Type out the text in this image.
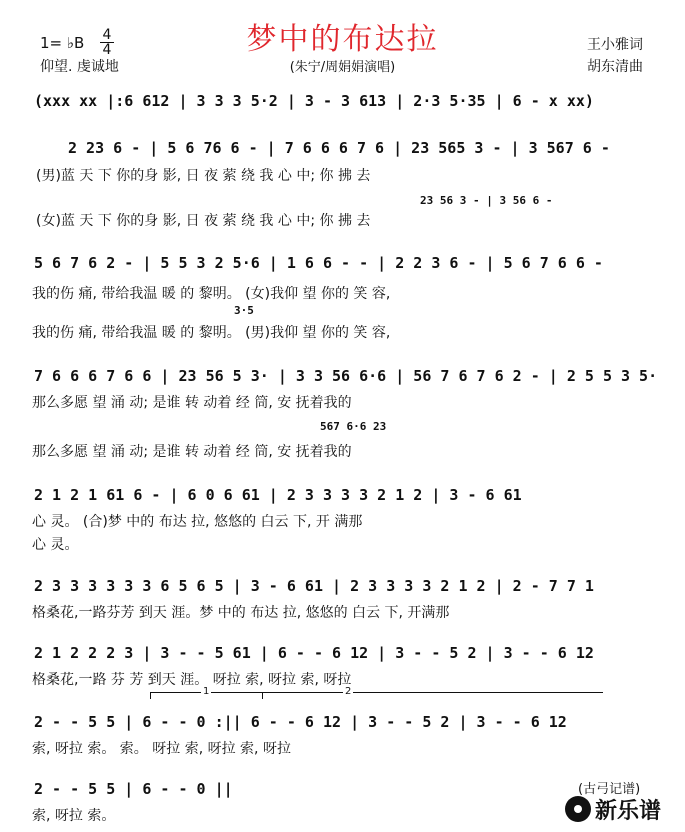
梦中的布达拉
1= ♭B 4
4
仰望. 虔诚地	(朱宁/周娟娟演唱)
王小雅词
胡东清曲
1	2
(xxx xx |:6 612 | 3 3 3 5·2 | 3 - 3 613 | 2·3 5·35 | 6 - x xx)
2 23 6 - | 5 6 76 6 - | 7 6 6 6 7 6 | 23 565 3 - | 3 567 6 -
(男)蓝 天 下 你的身 影, 日 夜 萦 绕 我 心 中; 你 拂 去
23 56 3 - | 3 56 6 -
(女)蓝 天 下 你的身 影, 日 夜 萦 绕 我 心 中; 你 拂 去
5 6 7 6 2 - | 5 5 3 2 5·6 | 1 6 6 - - | 2 2 3 6 - | 5 6 7 6 6 -
我的伤 痛, 带给我温 暖 的 黎明。 (女)我仰 望 你的 笑 容,
3·5
我的伤 痛, 带给我温 暖 的 黎明。 (男)我仰 望 你的 笑 容,
7 6 6 6 7 6 6 | 23 56 5 3· | 3 3 56 6·6 | 56 7 6 7 6 2 - | 2 5 5 3 5·
那么多愿 望 涌 动; 是谁 转 动着 经 筒, 安 抚着我的
567 6·6 23
那么多愿 望 涌 动; 是谁 转 动着 经 筒, 安 抚着我的
2 1 2 1 61 6 - | 6 0 6 61 | 2 3 3 3 3 2 1 2 | 3 - 6 61
心 灵。 (合)梦 中的 布达 拉, 悠悠的 白云 下, 开 满那
心 灵。
2 3 3 3 3 3 3 6 5 6 5 | 3 - 6 61 | 2 3 3 3 3 2 1 2 | 2 - 7 7 1
格桑花,一路芬芳 到天 涯。梦 中的 布达 拉, 悠悠的 白云 下, 开满那
2 1 2 2 2 3 | 3 - - 5 61 | 6 - - 6 12 | 3 - - 5 2 | 3 - - 6 12
格桑花,一路 芬 芳 到天 涯。 呀拉 索, 呀拉 索, 呀拉
2 - - 5 5 | 6 - - 0 :|| 6 - - 6 12 | 3 - - 5 2 | 3 - - 6 12
索, 呀拉 索。 索。 呀拉 索, 呀拉 索, 呀拉
2 - - 5 5 | 6 - - 0 ||
索, 呀拉 索。
(古弓记谱)
新乐谱
